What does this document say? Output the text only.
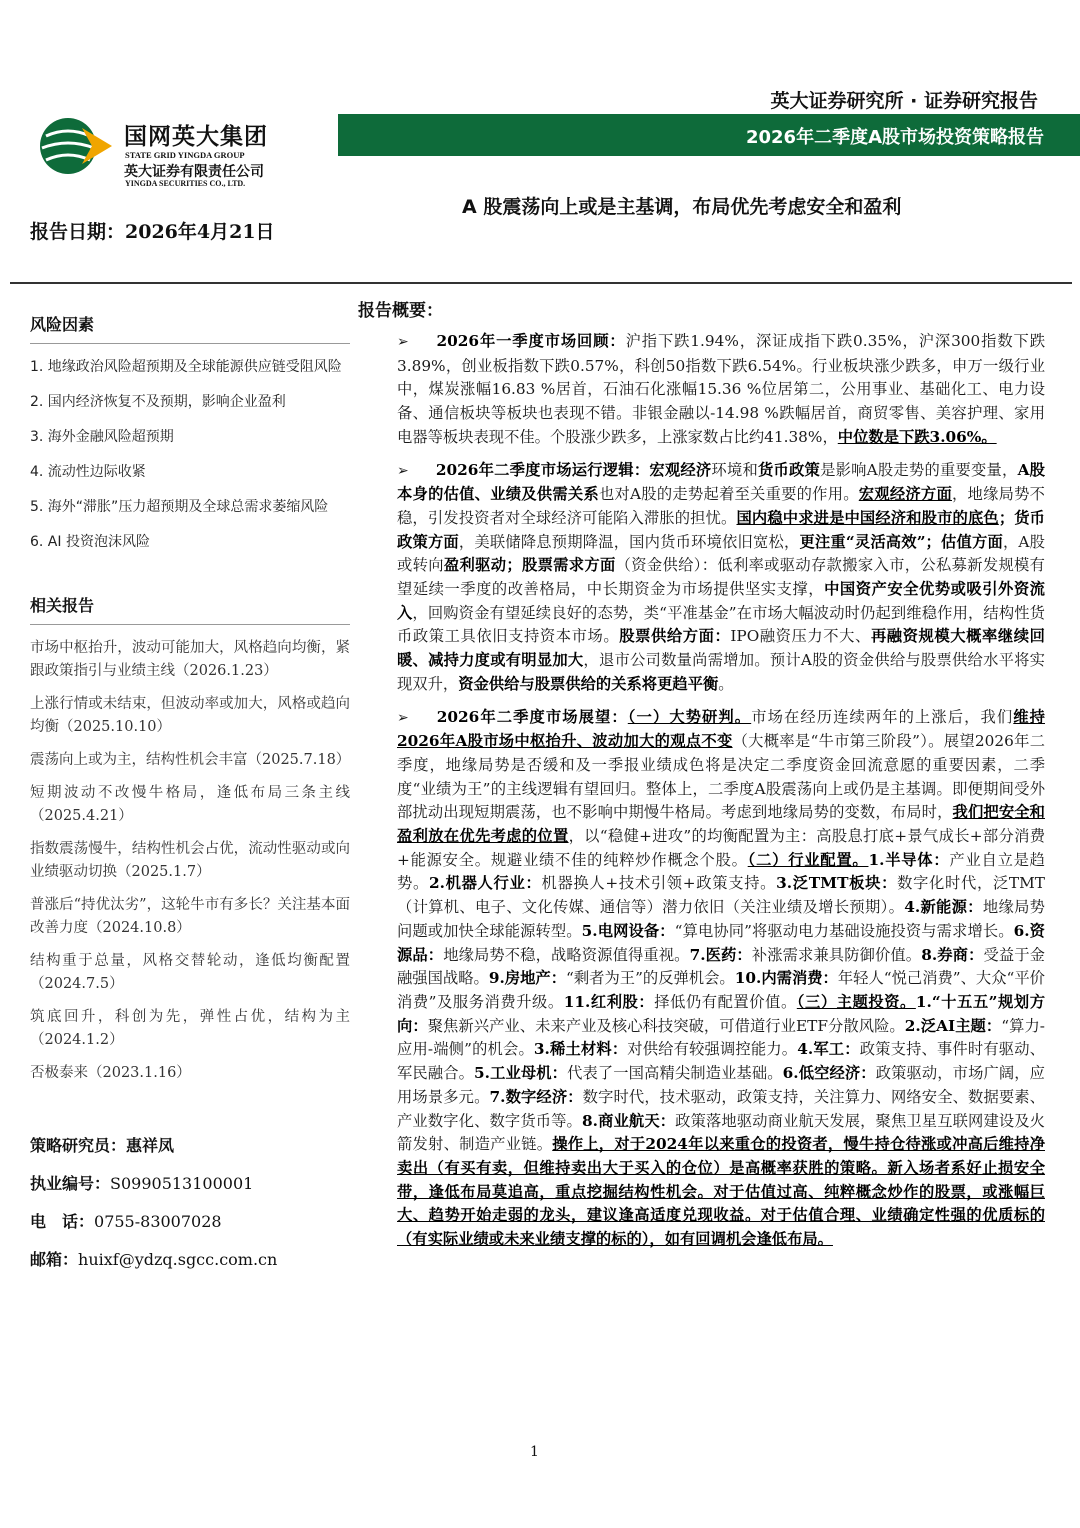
国网英大集团
STATE GRID YINGDA GROUP
英大证券有限责任公司
YINGDA SECURITIES CO., LTD.
英大证券研究所 · 证券研究报告
2026年二季度A股市场投资策略报告
A 股震荡向上或是主基调，布局优先考虑安全和盈利
报告日期：2026年4月21日
风险因素
1. 地缘政治风险超预期及全球能源供应链受阻风险
2. 国内经济恢复不及预期，影响企业盈利
3. 海外金融风险超预期
4. 流动性边际收紧
5. 海外“滞胀”压力超预期及全球总需求萎缩风险
6. AI 投资泡沫风险
相关报告
市场中枢抬升，波动可能加大，风格趋向均衡，紧跟政策指引与业绩主线（2026.1.23）
上涨行情或未结束，但波动率或加大，风格或趋向均衡（2025.10.10）
震荡向上或为主，结构性机会丰富（2025.7.18）
短期波动不改慢牛格局，逢低布局三条主线（2025.4.21）
指数震荡慢牛，结构性机会占优，流动性驱动或向业绩驱动切换（2025.1.7）
普涨后“持优汰劣”，这轮牛市有多长？关注基本面改善力度（2024.10.8）
结构重于总量，风格交替轮动，逢低均衡配置（2024.7.5）
筑底回升，科创为先，弹性占优，结构为主（2024.1.2）
否极泰来（2023.1.16）
策略研究员：惠祥凤
执业编号：S0990513100001
电　话：0755-83007028
邮箱：huixf@ydzq.sgcc.com.cn
报告概要：

➢ 2026年一季度市场回顾：沪指下跌1.94%，深证成指下跌0.35%，沪深300指数下跌3.89%，创业板指数下跌0.57%，科创50指数下跌6.54%。行业板块涨少跌多，申万一级行业中，煤炭涨幅16.83 %居首，石油石化涨幅15.36 %位居第二，公用事业、基础化工、电力设备、通信板块等板块也表现不错。非银金融以-14.98 %跌幅居首，商贸零售、美容护理、家用电器等板块表现不佳。个股涨少跌多，上涨家数占比约41.38%，中位数是下跌3.06%。

➢ 2026年二季度市场运行逻辑：宏观经济环境和货币政策是影响A股走势的重要变量，A股本身的估值、业绩及供需关系也对A股的走势起着至关重要的作用。宏观经济方面，地缘局势不稳，引发投资者对全球经济可能陷入滞胀的担忧。国内稳中求进是中国经济和股市的底色；货币政策方面，美联储降息预期降温，国内货币环境依旧宽松，更注重“灵活高效”；估值方面，A股或转向盈利驱动；股票需求方面（资金供给）：低利率或驱动存款搬家入市，公私募新发规模有望延续一季度的改善格局，中长期资金为市场提供坚实支撑，中国资产安全优势或吸引外资流入，回购资金有望延续良好的态势，类“平准基金”在市场大幅波动时仍起到维稳作用，结构性货币政策工具依旧支持资本市场。股票供给方面：IPO融资压力不大、再融资规模大概率继续回暖、减持力度或有明显加大，退市公司数量尚需增加。预计A股的资金供给与股票供给水平将实现双升，资金供给与股票供给的关系将更趋平衡。

➢ 2026年二季度市场展望：（一）大势研判。市场在经历连续两年的上涨后，我们维持2026年A股市场中枢抬升、波动加大的观点不变（大概率是“牛市第三阶段”）。展望2026年二季度，地缘局势是否缓和及一季报业绩成色将是决定二季度资金回流意愿的重要因素，二季度“业绩为王”的主线逻辑有望回归。整体上，二季度A股震荡向上或仍是主基调。即便期间受外部扰动出现短期震荡，也不影响中期慢牛格局。考虑到地缘局势的变数，布局时，我们把安全和盈利放在优先考虑的位置，以“稳健+进攻”的均衡配置为主：高股息打底+景气成长+部分消费+能源安全。规避业绩不佳的纯粹炒作概念个股。（二）行业配置。1.半导体：产业自立是趋势。2.机器人行业：机器换人+技术引领+政策支持。3.泛TMT板块：数字化时代，泛TMT（计算机、电子、文化传媒、通信等）潜力依旧（关注业绩及增长预期）。4.新能源：地缘局势问题或加快全球能源转型。5.电网设备：“算电协同”将驱动电力基础设施投资与需求增长。6.资源品：地缘局势不稳，战略资源值得重视。7.医药：补涨需求兼具防御价值。8.券商：受益于金融强国战略。9.房地产：“剩者为王”的反弹机会。10.内需消费：年轻人“悦己消费”、大众“平价消费”及服务消费升级。11.红利股：择低仍有配置价值。（三）主题投资。1.“十五五”规划方向：聚焦新兴产业、未来产业及核心科技突破，可借道行业ETF分散风险。2.泛AI主题：“算力-应用-端侧”的机会。3.稀土材料：对供给有较强调控能力。4.军工：政策支持、事件时有驱动、军民融合。5.工业母机：代表了一国高精尖制造业基础。6.低空经济：政策驱动，市场广阔，应用场景多元。7.数字经济：数字时代，技术驱动，政策支持，关注算力、网络安全、数据要素、产业数字化、数字货币等。8.商业航天：政策落地驱动商业航天发展，聚焦卫星互联网建设及火箭发射、制造产业链。操作上，对于2024年以来重仓的投资者，慢牛持仓待涨或冲高后维持净卖出（有买有卖，但维持卖出大于买入的仓位）是高概率获胜的策略。新入场者系好止损安全带，逢低布局莫追高，重点挖掘结构性机会。对于估值过高、纯粹概念炒作的股票，或涨幅巨大、趋势开始走弱的龙头，建议逢高适度兑现收益。对于估值合理、业绩确定性强的优质标的（有实际业绩或未来业绩支撑的标的），如有回调机会逢低布局。

1
